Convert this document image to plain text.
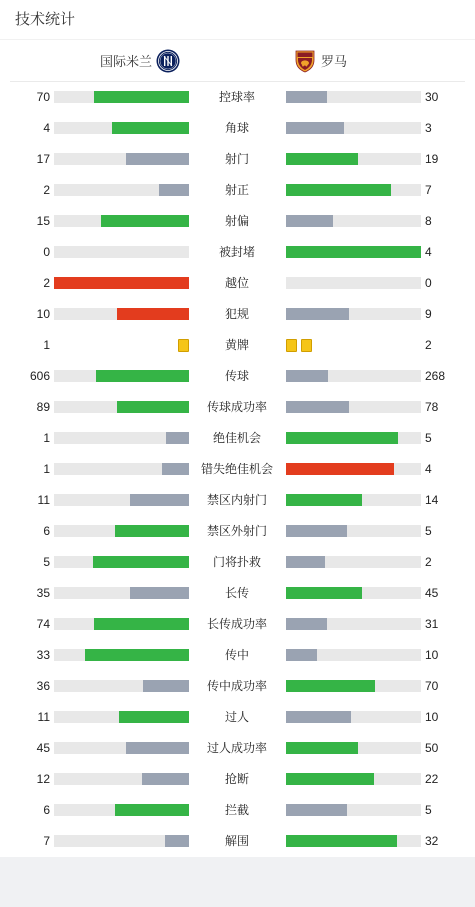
技术统计
国际米兰	罗马
70	控球率	30
4	角球	3
17	射门	19
2	射正	7
15	射偏	8
0	被封堵	4
2	越位	0
10	犯规	9
1	黄牌	2
606	传球	268
89	传球成功率	78
1	绝佳机会	5
1	错失绝佳机会	4
11	禁区内射门	14
6	禁区外射门	5
5	门将扑救	2
35	长传	45
74	长传成功率	31
33	传中	10
36	传中成功率	70
11	过人	10
45	过人成功率	50
12	抢断	22
6	拦截	5
7	解围	32
